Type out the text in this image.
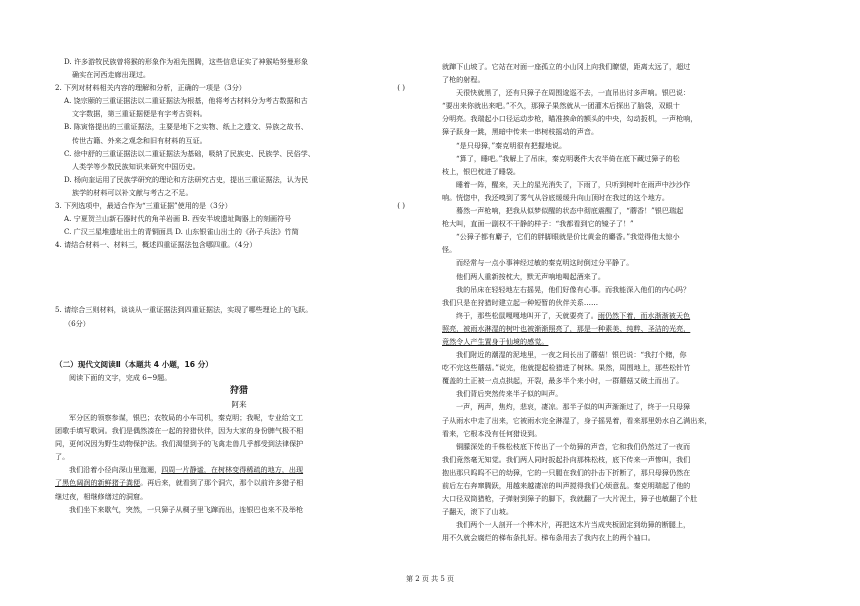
D. 许多游牧民族曾将猴的形象作为祖先图腾，这些信息证实了神猴哈努曼形象
确实在河西走廊出现过。
2. 下列对材料相关内容的理解和分析，正确的一项是（3分）	( )
A. 饶宗颐的三重证据法以二重证据法为根基，他将考古材料分为考古数据和古
文字数据，第三重证据便是有字考古资料。
B. 陈寅恪提出的三重证据法，主要是地下之实物、纸上之遗文、异族之故书、
传世古籍、外来之观念和旧有材料的互证。
C. 徐中舒的三重证据法以二重证据法为基础，吸纳了民族史、民族学、民俗学、
人类学等少数民族知识来研究中国历史。
D. 杨向奎运用了民族学研究的理论和方法研究古史，提出三重证据法，认为民
族学的材料可以补文献与考古之不足。
3. 下列选项中，最适合作为“三重证据”使用的是（3分）	( )
A. 宁夏贺兰山新石器时代的角羊岩画 B. 西安半坡遗址陶器上的刻画符号
C. 广汉三星堆遗址出土的青铜面具 D. 山东银雀山出土的《孙子兵法》竹简
4. 请结合材料一、材料三，概述四重证据法包含哪四重。（4分）
5. 请综合三则材料，谈谈从一重证据法到四重证据法，实现了哪些理论上的飞跃。
（6分）
（二）现代文阅读Ⅱ（本题共 4 小题，16 分）
阅读下面的文字，完成 6~9题。
狩猎
阿来
军分区的领察参谋，银巴；农牧局的小车司机，秦克明；我呢，专业给文工
团歌手填写歌词。我们是偶然凑在一起的狩猎伙伴，因为大家的身份脾气极不相
同，更何况因为野生动物保护法。我们渴望到予的飞禽走兽几乎都受到法律保护
了。
我们沿着小径向深山里迤逦，四周一片静谧，在树林变得稀疏的地方，出现
了黑色阔润的新鲜猪子粪便。再后来，就看到了那个洞穴，那个以前许多猎子相
继过夜，相继修缮过的洞窟。
我们坐下来歇气，突然，一只獐子从稠子里飞蹿而出，连银巴也来不及举枪
就蹿下山坡了。它站在对面一座孤立的小山冈上向我们瞭望，距离太远了，超过
了枪的射程。
天很快就黑了，还有只獐子在周围逡巡不去，一直吊出讨多声响。银巴说：
“要出来你就出来吧。”不久，那獐子果然就从一团灌木后探出了脑袋，双眼十
分明亮。我瑞起小口径运动步枪，瞄准挨命的额头的中央，勾动扳机，一声枪响，
獐子跃身一跳，黑暗中传来一串树枝摇动的声音。
“是只母獐，”秦克明很有把握地说。
“算了，睡吧。”我解上了吊床，秦克明裹件大衣半倚在底下藏过獐子的松
枝上，银巴枕进了睡袋。
睡着一阵，醒来，天上的星光消失了，下雨了，只听到树叶在雨声中沙沙作
响。恍惚中，我还嗅到了雾气从谷底缓缓升向山顶时在我过的这个地方。
蓦然一声枪响，把我从似梦似醒的状态中彻底震醒了，“蘑香！”银巴瑞起
枪大叫，直面一副权不干静的样子：“我都看到它的镜子了！”
“公獐子都有麝子，它们的胖脚眼就是价比黄金的麝香。”我觉得他太惊小
怪。
而经常与一点小事神经过敏的秦克明这时倒过分平静了。
他们两人重新按枕大，默无声响地喝起酒来了。
我的吊床在轻轻地左右摇晃，他们好像有心事。而我能深入他们的内心吗？
我们只是在狩猎时建立起一种短暂的伙伴关系……
终于，那些松鼠嘎嘎地叫开了，天就要亮了。雨仍然下着，而水渐渐被天色
照亮，被雨水淋湿的树叶也被渐渐照亮了，那是一种素美、纯粹、圣洁的光亮，
竟然令人产生置身于仙境的感觉。
我们附近的潮湿的泥地里，一夜之间长出了蘑菇！银巴说：“我打个赌，你
吃不完这些蘑菇。”说完，他就提起检猎进了树林。果然，周围地上，那些松针竹
覆盖的土正被一点点拱起，开裂，最多半个来小时，一群蘑菇又破土而出了。
我们背后突然传来半子似的叫声。
一声，两声，焦灼，悲哀，凄凉。那半子似的叫声渐渐过了，终于一只母獐
子从雨水中走了出来，它被雨水完全淋湿了，身子摇晃着，看来那里奶水自乙满出来，
看来，它根本没有任何猎设到。
铜朦深处的千株松枝底下传出了一个幼獐的声音，它和我们仍然过了一夜而
我们竟然毫无知觉。我们两人同时扳起扑向那株松枝，底下传来一声惨叫，我们
抱出那只呜呜不已的幼獐，它的一只腿在我们的扑击下折断了，那只母獐仍然在
前后左右奔窜腾跃，用越来越凄凉的叫声搅得我们心烦意乱。秦克明瑞起了他的
大口径双筒猎枪，子弹射到獐子的脚下，我就翻了一大片泥土，獐子也敏翻了个肚
子翻天，滚下了山坡。
我们两个一人剖开一个桦木片，再把这木片当成夹板固定到幼獐的断腿上，
用不久就会腐烂的梯布条扎好。梯布条用去了我内衣上的两个袖口。
第 2 页 共 5 页
